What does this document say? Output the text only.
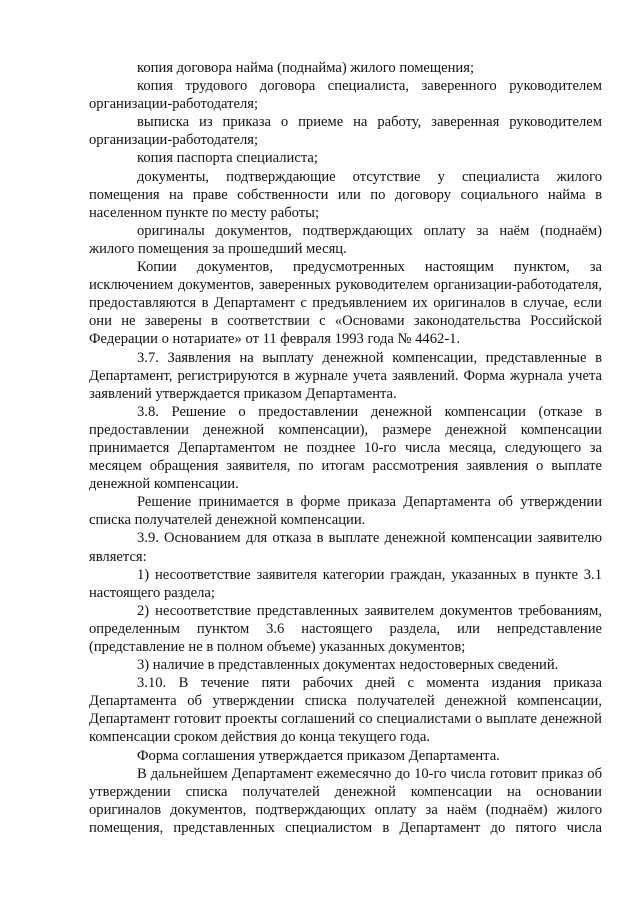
копия договора найма (поднайма) жилого помещения;

копия трудового договора специалиста, заверенного руководителем организации-работодателя;

выписка из приказа о приеме на работу, заверенная руководителем организации-работодателя;

копия паспорта специалиста;

документы, подтверждающие отсутствие у специалиста жилого помещения на праве собственности или по договору социального найма в населенном пункте по месту работы;

оригиналы документов, подтверждающих оплату за наём (поднаём) жилого помещения за прошедший месяц.

Копии документов, предусмотренных настоящим пунктом, за исключением документов, заверенных руководителем организации-работодателя, предоставляются в Департамент с предъявлением их оригиналов в случае, если они не заверены в соответствии с «Основами законодательства Российской Федерации о нотариате» от 11 февраля 1993 года № 4462-1.

3.7. Заявления на выплату денежной компенсации, представленные в Департамент, регистрируются в журнале учета заявлений. Форма журнала учета заявлений утверждается приказом Департамента.

3.8. Решение о предоставлении денежной компенсации (отказе в предоставлении денежной компенсации), размере денежной компенсации принимается Департаментом не позднее 10-го числа месяца, следующего за месяцем обращения заявителя, по итогам рассмотрения заявления о выплате денежной компенсации.

Решение принимается в форме приказа Департамента об утверждении списка получателей денежной компенсации.

3.9. Основанием для отказа в выплате денежной компенсации заявителю является:

1) несоответствие заявителя категории граждан, указанных в пункте 3.1 настоящего раздела;

2) несоответствие представленных заявителем документов требованиям, определенным пунктом 3.6 настоящего раздела, или непредставление (представление не в полном объеме) указанных документов;

3) наличие в представленных документах недостоверных сведений.

3.10. В течение пяти рабочих дней с момента издания приказа Департамента об утверждении списка получателей денежной компенсации, Департамент готовит проекты соглашений со специалистами о выплате денежной компенсации сроком действия до конца текущего года.

Форма соглашения утверждается приказом Департамента.

В дальнейшем Департамент ежемесячно до 10-го числа готовит приказ об утверждении списка получателей денежной компенсации на основании оригиналов документов, подтверждающих оплату за наём (поднаём) жилого помещения, представленных специалистом в Департамент до пятого числа
